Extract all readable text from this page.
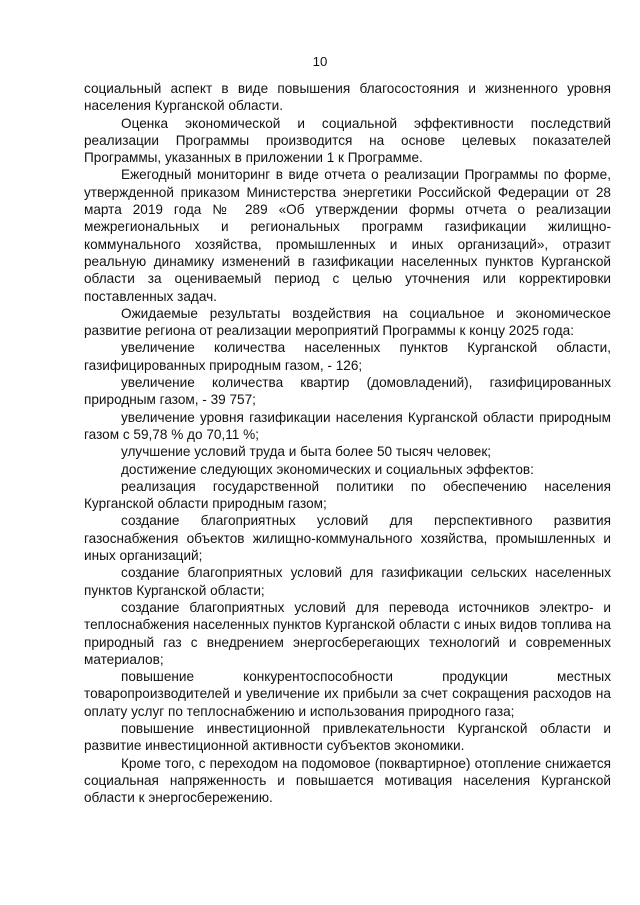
10

социальный аспект в виде повышения благосостояния и жизненного уровня населения Курганской области.

Оценка экономической и социальной эффективности последствий реализации Программы производится на основе целевых показателей Программы, указанных в приложении 1 к Программе.

Ежегодный мониторинг в виде отчета о реализации Программы по форме, утвержденной приказом Министерства энергетики Российской Федерации от 28 марта 2019 года № 289 «Об утверждении формы отчета о реализации межрегиональных и региональных программ газификации жилищно-коммунального хозяйства, промышленных и иных организаций», отразит реальную динамику изменений в газификации населенных пунктов Курганской области за оцениваемый период с целью уточнения или корректировки поставленных задач.

Ожидаемые результаты воздействия на социальное и экономическое развитие региона от реализации мероприятий Программы к концу 2025 года:

увеличение количества населенных пунктов Курганской области, газифицированных природным газом, - 126;

увеличение количества квартир (домовладений), газифицированных природным газом, - 39 757;

увеличение уровня газификации населения Курганской области природным газом с 59,78 % до 70,11 %;

улучшение условий труда и быта более 50 тысяч человек;

достижение следующих экономических и социальных эффектов:

реализация государственной политики по обеспечению населения Курганской области природным газом;

создание благоприятных условий для перспективного развития газоснабжения объектов жилищно-коммунального хозяйства, промышленных и иных организаций;

создание благоприятных условий для газификации сельских населенных пунктов Курганской области;

создание благоприятных условий для перевода источников электро- и теплоснабжения населенных пунктов Курганской области с иных видов топлива на природный газ с внедрением энергосберегающих технологий и современных материалов;

повышение конкурентоспособности продукции местных товаропроизводителей и увеличение их прибыли за счет сокращения расходов на оплату услуг по теплоснабжению и использования природного газа;

повышение инвестиционной привлекательности Курганской области и развитие инвестиционной активности субъектов экономики.

Кроме того, с переходом на подомовое (поквартирное) отопление снижается социальная напряженность и повышается мотивация населения Курганской области к энергосбережению.
